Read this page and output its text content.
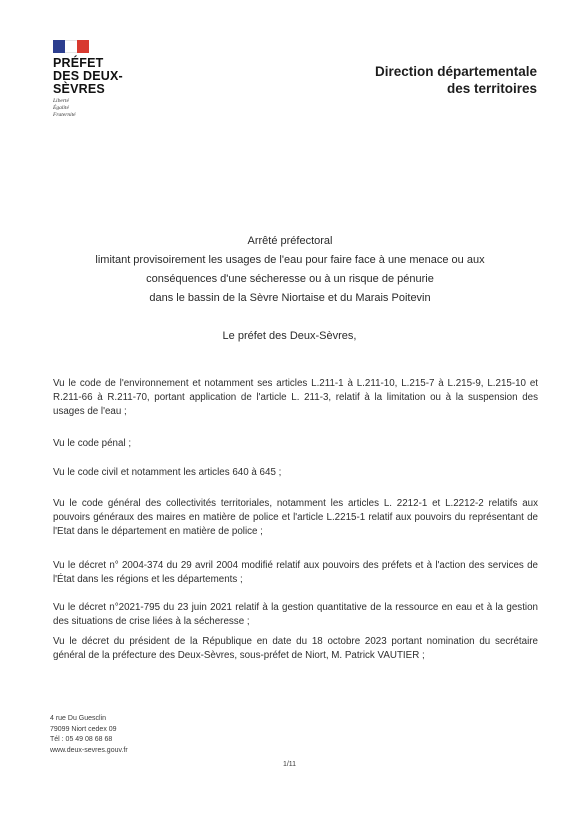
PRÉFET
DES DEUX-SÈVRES
Liberté
Égalité
Fraternité
Direction départementale
des territoires
Arrêté préfectoral
limitant provisoirement les usages de l'eau pour faire face à une menace ou aux
conséquences d'une sécheresse ou à un risque de pénurie
dans le bassin de la Sèvre Niortaise et du Marais Poitevin
Le préfet des Deux-Sèvres,

Vu le code de l'environnement et notamment ses articles L.211-1 à L.211-10, L.215-7 à L.215-9, L.215-10 et R.211-66 à R.211-70, portant application de l'article L. 211-3, relatif à la limitation ou à la suspension des usages de l'eau ;

Vu le code pénal ;

Vu le code civil et notamment les articles 640 à 645 ;

Vu le code général des collectivités territoriales, notamment les articles L. 2212-1 et L.2212-2 relatifs aux pouvoirs généraux des maires en matière de police et l'article L.2215-1 relatif aux pouvoirs du représentant de l'Etat dans le département en matière de police ;

Vu le décret n° 2004-374 du 29 avril 2004 modifié relatif aux pouvoirs des préfets et à l'action des services de l'État dans les régions et les départements ;

Vu le décret n°2021-795 du 23 juin 2021 relatif à la gestion quantitative de la ressource en eau et à la gestion des situations de crise liées à la sécheresse ;

Vu le décret du président de la République en date du 18 octobre 2023 portant nomination du secrétaire général de la préfecture des Deux-Sèvres, sous-préfet de Niort, M. Patrick VAUTIER ;

4 rue Du Guesclin
79099 Niort cedex 09
Tél : 05 49 08 68 68
www.deux-sevres.gouv.fr
1/11
